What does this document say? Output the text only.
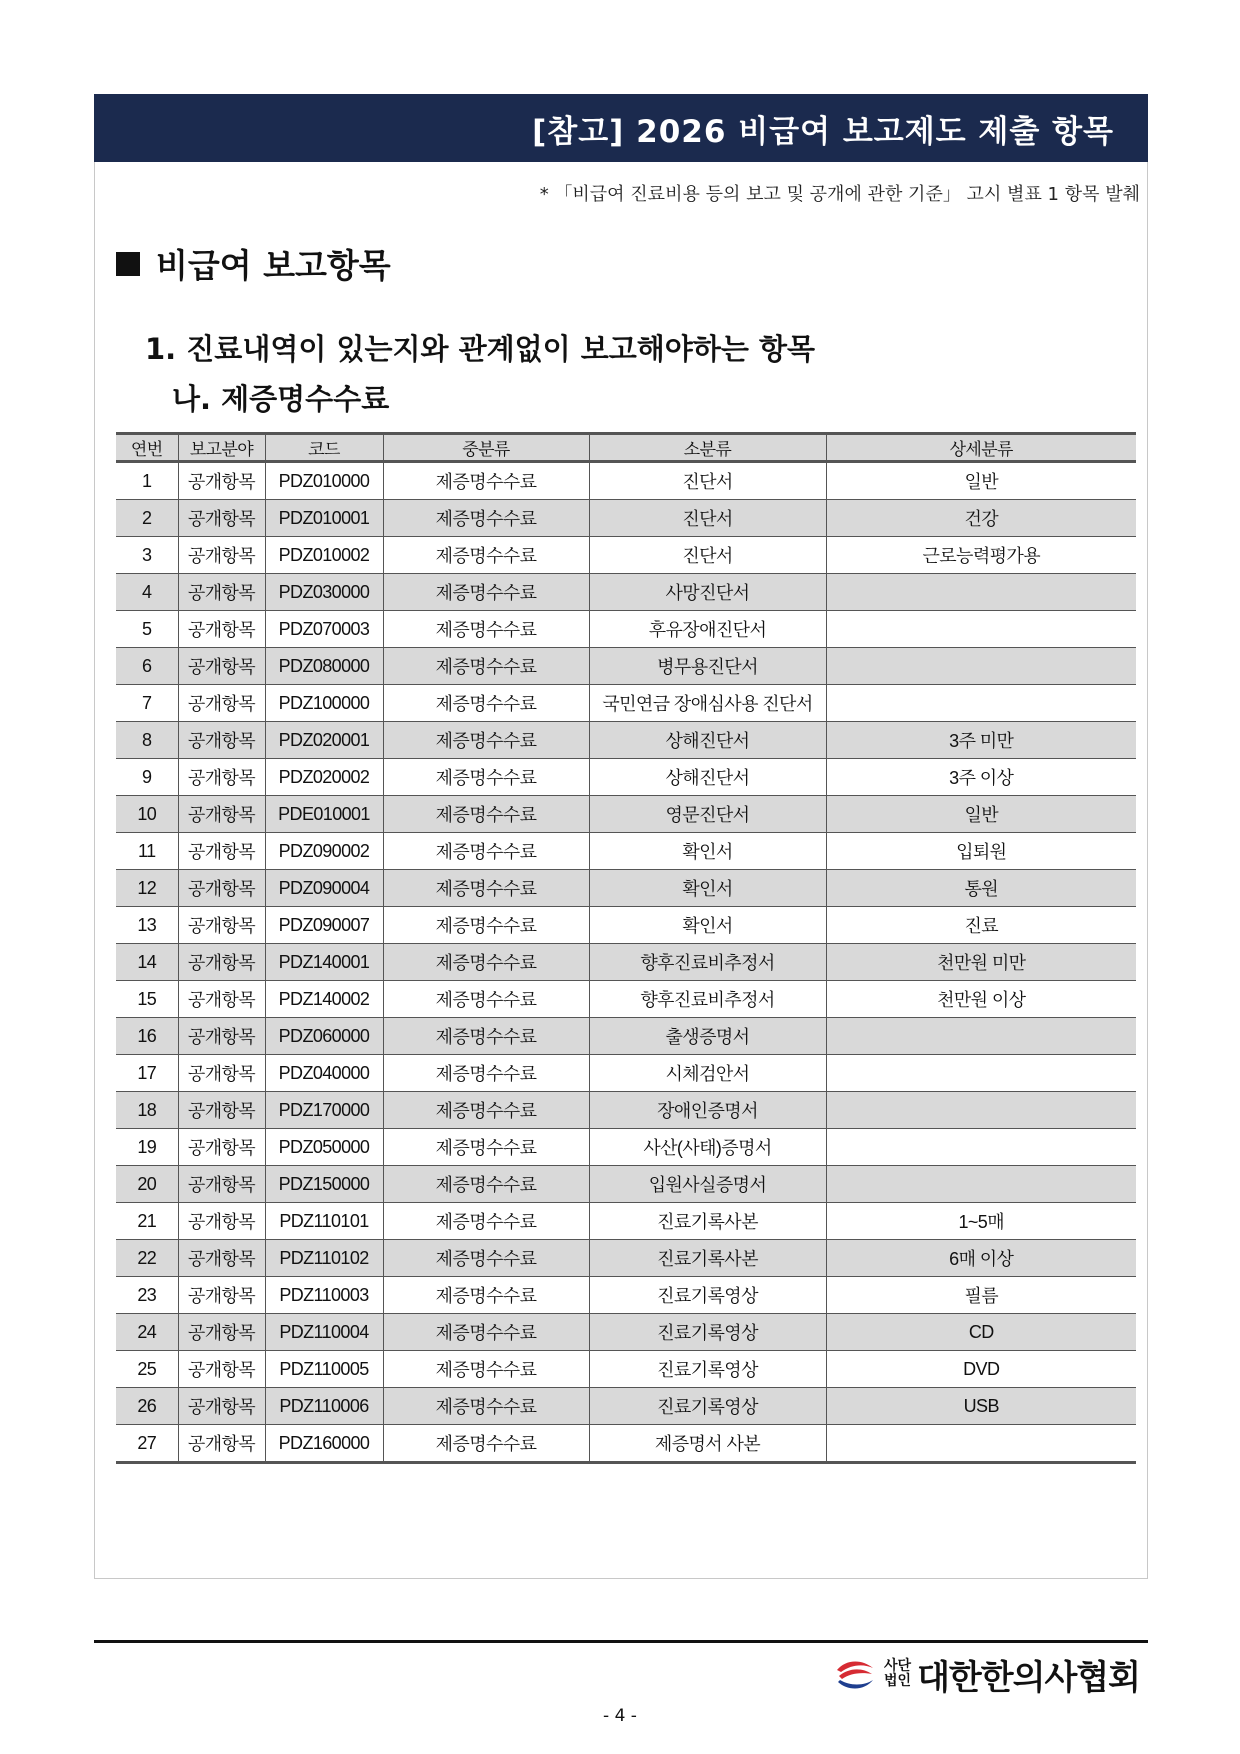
[참고] 2026 비급여 보고제도 제출 항목
* 「비급여 진료비용 등의 보고 및 공개에 관한 기준」 고시 별표 1 항목 발췌
비급여 보고항목
1. 진료내역이 있는지와 관계없이 보고해야하는 항목
나. 제증명수수료
연번	보고분야	코드	중분류	소분류	상세분류
1	공개항목	PDZ010000	제증명수수료	진단서	일반
2	공개항목	PDZ010001	제증명수수료	진단서	건강
3	공개항목	PDZ010002	제증명수수료	진단서	근로능력평가용
4	공개항목	PDZ030000	제증명수수료	사망진단서	
5	공개항목	PDZ070003	제증명수수료	후유장애진단서	
6	공개항목	PDZ080000	제증명수수료	병무용진단서	
7	공개항목	PDZ100000	제증명수수료	국민연금 장애심사용 진단서	
8	공개항목	PDZ020001	제증명수수료	상해진단서	3주 미만
9	공개항목	PDZ020002	제증명수수료	상해진단서	3주 이상
10	공개항목	PDE010001	제증명수수료	영문진단서	일반
11	공개항목	PDZ090002	제증명수수료	확인서	입퇴원
12	공개항목	PDZ090004	제증명수수료	확인서	통원
13	공개항목	PDZ090007	제증명수수료	확인서	진료
14	공개항목	PDZ140001	제증명수수료	향후진료비추정서	천만원 미만
15	공개항목	PDZ140002	제증명수수료	향후진료비추정서	천만원 이상
16	공개항목	PDZ060000	제증명수수료	출생증명서	
17	공개항목	PDZ040000	제증명수수료	시체검안서	
18	공개항목	PDZ170000	제증명수수료	장애인증명서	
19	공개항목	PDZ050000	제증명수수료	사산(사태)증명서	
20	공개항목	PDZ150000	제증명수수료	입원사실증명서	
21	공개항목	PDZ110101	제증명수수료	진료기록사본	1~5매
22	공개항목	PDZ110102	제증명수수료	진료기록사본	6매 이상
23	공개항목	PDZ110003	제증명수수료	진료기록영상	필름
24	공개항목	PDZ110004	제증명수수료	진료기록영상	CD
25	공개항목	PDZ110005	제증명수수료	진료기록영상	DVD
26	공개항목	PDZ110006	제증명수수료	진료기록영상	USB
27	공개항목	PDZ160000	제증명수수료	제증명서 사본	
사단
법인 대한한의사협회
- 4 -
